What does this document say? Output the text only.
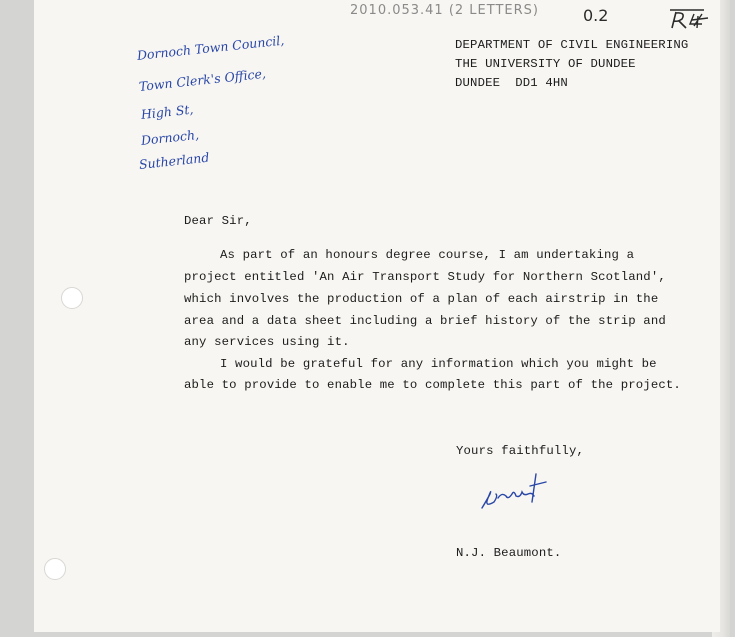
2010.053.41 (2 LETTERS)	0.2
DEPARTMENT OF CIVIL ENGINEERING
THE UNIVERSITY OF DUNDEE
DUNDEE  DD1 4HN
Dornoch Town Council,
Town Clerk's Office,
High St,
Dornoch,
Sutherland
Dear Sir,
As part of an honours degree course, I am undertaking a
project entitled 'An Air Transport Study for Northern Scotland',
which involves the production of a plan of each airstrip in the
area and a data sheet including a brief history of the strip and
any services using it.
I would be grateful for any information which you might be
able to provide to enable me to complete this part of the project.
Yours faithfully,
N.J. Beaumont.
